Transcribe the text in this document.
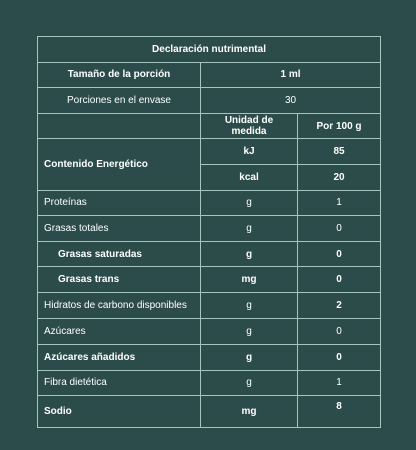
Declaración nutrimental		
Tamaño de la porción	1 ml	
Porciones en el envase	30	
	Unidad de medida	Por 100 g
Contenido Energético	kJ	85
	kcal	20
Proteínas	g	1
Grasas totales	g	0
Grasas saturadas	g	0
Grasas trans	mg	0
Hidratos de carbono disponibles	g	2
Azúcares	g	0
Azúcares añadidos	g	0
Fibra dietética	g	1
Sodio	mg	8
